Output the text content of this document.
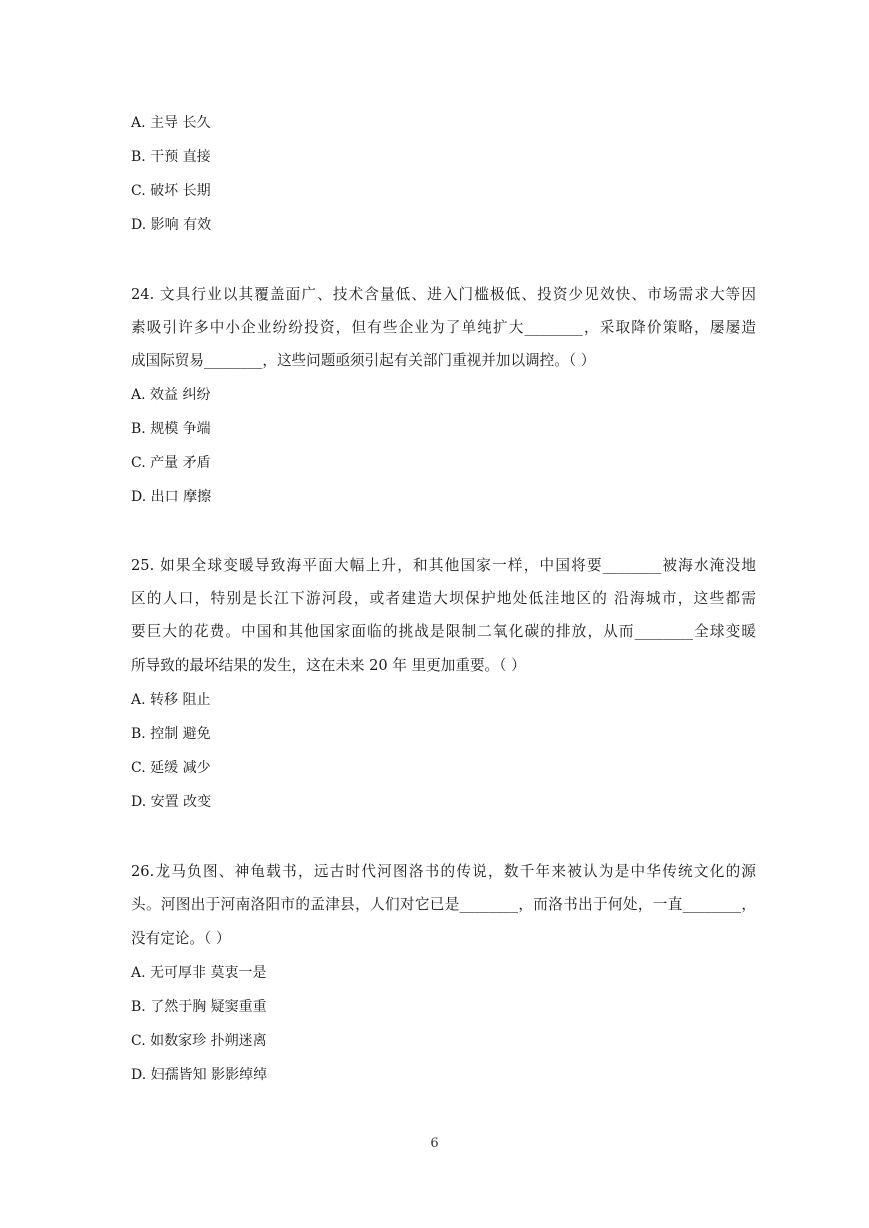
A. 主导 长久
B. 干预 直接
C. 破坏 长期
D. 影响 有效
24. 文具行业以其覆盖面广、技术含量低、进入门槛极低、投资少见效快、市场需求大等因
素吸引许多中小企业纷纷投资，但有些企业为了单纯扩大________，采取降价策略，屡屡造
成国际贸易________，这些问题亟须引起有关部门重视并加以调控。（ ）
A. 效益 纠纷
B. 规模 争端
C. 产量 矛盾
D. 出口 摩擦
25. 如果全球变暖导致海平面大幅上升，和其他国家一样，中国将要________被海水淹没地
区的人口，特别是长江下游河段，或者建造大坝保护地处低洼地区的 沿海城市，这些都需
要巨大的花费。中国和其他国家面临的挑战是限制二氧化碳的排放，从而________全球变暖
所导致的最坏结果的发生，这在未来 20 年 里更加重要。（ ）
A. 转移 阻止
B. 控制 避免
C. 延缓 减少
D. 安置 改变
26.龙马负图、神龟载书，远古时代河图洛书的传说，数千年来被认为是中华传统文化的源
头。河图出于河南洛阳市的孟津县，人们对它已是________，而洛书出于何处，一直________，
没有定论。（ ）
A. 无可厚非 莫衷一是
B. 了然于胸 疑窦重重
C. 如数家珍 扑朔迷离
D. 妇孺皆知 影影绰绰
6
